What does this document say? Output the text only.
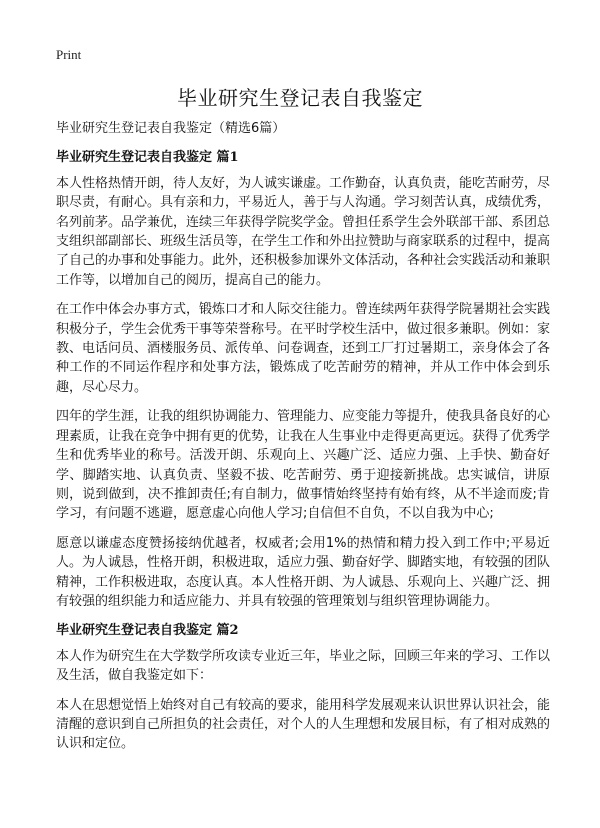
Print

毕业研究生登记表自我鉴定

毕业研究生登记表自我鉴定（精选6篇）

毕业研究生登记表自我鉴定 篇1

本人性格热情开朗，待人友好，为人诚实谦虚。工作勤奋，认真负责，能吃苦耐劳，尽职尽责，有耐心。具有亲和力，平易近人，善于与人沟通。学习刻苦认真，成绩优秀，名列前茅。品学兼优，连续三年获得学院奖学金。曾担任系学生会外联部干部、系团总支组织部副部长、班级生活员等，在学生工作和外出拉赞助与商家联系的过程中，提高了自己的办事和处事能力。此外，还积极参加课外文体活动，各种社会实践活动和兼职工作等，以增加自己的阅历，提高自己的能力。

在工作中体会办事方式，锻炼口才和人际交往能力。曾连续两年获得学院暑期社会实践积极分子，学生会优秀干事等荣誉称号。在平时学校生活中，做过很多兼职。例如：家教、电话问员、酒楼服务员、派传单、问卷调查，还到工厂打过暑期工，亲身体会了各种工作的不同运作程序和处事方法，锻炼成了吃苦耐劳的精神，并从工作中体会到乐趣，尽心尽力。

四年的学生涯，让我的组织协调能力、管理能力、应变能力等提升，使我具备良好的心理素质，让我在竞争中拥有更的优势，让我在人生事业中走得更高更远。获得了优秀学生和优秀毕业的称号。活泼开朗、乐观向上、兴趣广泛、适应力强、上手快、勤奋好学、脚踏实地、认真负责、坚毅不拔、吃苦耐劳、勇于迎接新挑战。忠实诚信，讲原则，说到做到，决不推卸责任;有自制力，做事情始终坚持有始有终，从不半途而废;肯学习，有问题不逃避，愿意虚心向他人学习;自信但不自负，不以自我为中心;

愿意以谦虚态度赞扬接纳优越者，权威者;会用1%的热情和精力投入到工作中;平易近人。为人诚恳，性格开朗，积极进取，适应力强、勤奋好学、脚踏实地，有较强的团队精神，工作积极进取，态度认真。本人性格开朗、为人诚恳、乐观向上、兴趣广泛、拥有较强的组织能力和适应能力、并具有较强的管理策划与组织管理协调能力。

毕业研究生登记表自我鉴定 篇2

本人作为研究生在大学数学所攻读专业近三年，毕业之际，回顾三年来的学习、工作以及生活，做自我鉴定如下：

本人在思想觉悟上始终对自己有较高的要求，能用科学发展观来认识世界认识社会，能清醒的意识到自己所担负的社会责任，对个人的人生理想和发展目标，有了相对成熟的认识和定位。
